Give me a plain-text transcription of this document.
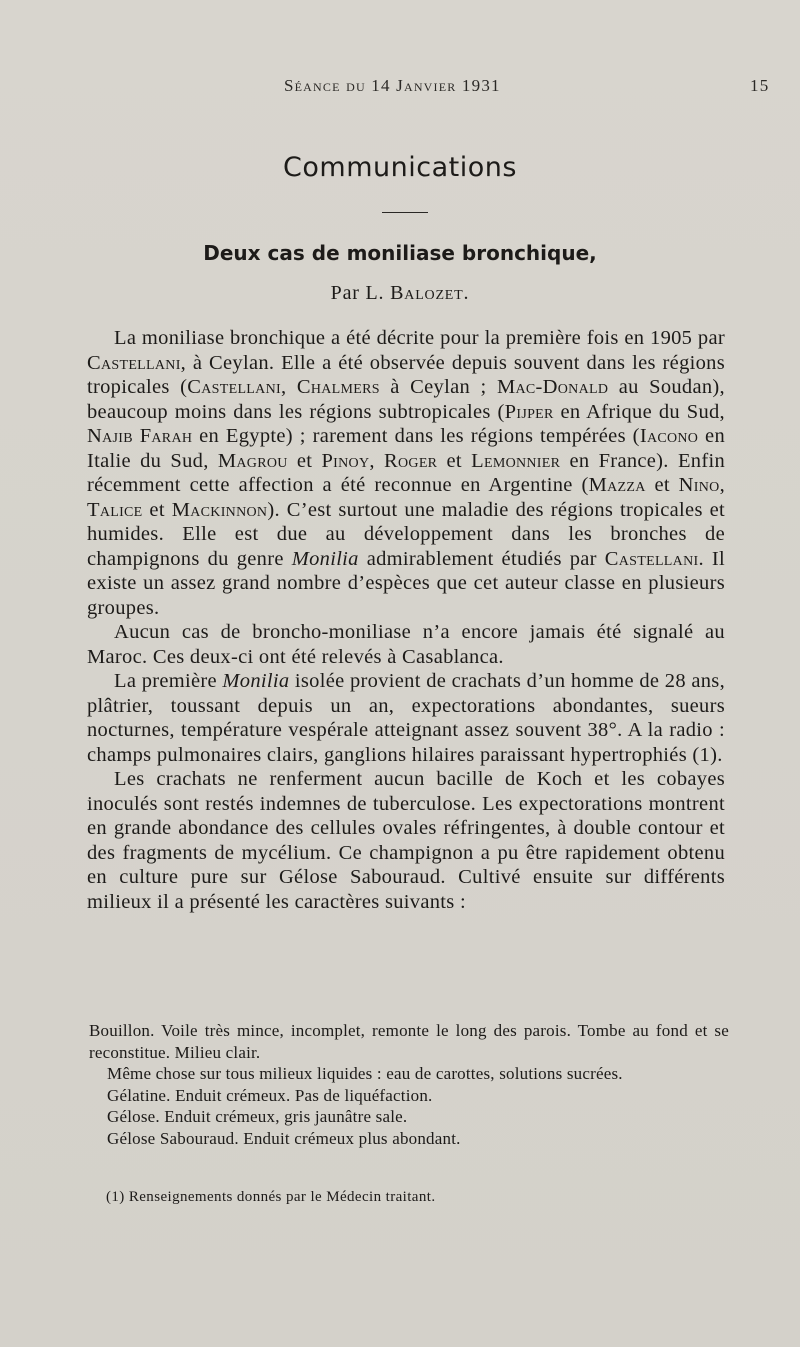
Séance du 14 Janvier 1931	15
Communications
Deux cas de moniliase bronchique,
Par L. Balozet.

La moniliase bronchique a été décrite pour la première fois en 1905 par Castellani, à Ceylan. Elle a été observée depuis souvent dans les régions tropicales (Castellani, Chalmers à Ceylan ; Mac-Donald au Soudan), beaucoup moins dans les régions subtropicales (Pijper en Afrique du Sud, Najib Farah en Egypte) ; rarement dans les régions tempérées (Iacono en Italie du Sud, Magrou et Pinoy, Roger et Lemonnier en France). Enfin récemment cette affection a été reconnue en Argentine (Mazza et Nino, Talice et Mackinnon). C’est surtout une maladie des régions tropicales et humides. Elle est due au développement dans les bronches de champignons du genre Monilia admirablement étudiés par Castellani. Il existe un assez grand nombre d’espèces que cet auteur classe en plusieurs groupes.

Aucun cas de broncho-moniliase n’a encore jamais été signalé au Maroc. Ces deux-ci ont été relevés à Casablanca.

La première Monilia isolée provient de crachats d’un homme de 28 ans, plâtrier, toussant depuis un an, expectorations abondantes, sueurs nocturnes, température vespérale atteignant assez souvent 38°. A la radio : champs pulmonaires clairs, ganglions hilaires paraissant hypertrophiés (1).

Les crachats ne renferment aucun bacille de Koch et les cobayes inoculés sont restés indemnes de tuberculose. Les expectorations montrent en grande abondance des cellules ovales réfringentes, à double contour et des fragments de mycélium. Ce champignon a pu être rapidement obtenu en culture pure sur Gélose Sabouraud. Cultivé ensuite sur différents milieux il a présenté les caractères suivants :

Bouillon. Voile très mince, incomplet, remonte le long des parois. Tombe au fond et se reconstitue. Milieu clair.

Même chose sur tous milieux liquides : eau de carottes, solutions sucrées.

Gélatine. Enduit crémeux. Pas de liquéfaction.

Gélose. Enduit crémeux, gris jaunâtre sale.

Gélose Sabouraud. Enduit crémeux plus abondant.

(1) Renseignements donnés par le Médecin traitant.
